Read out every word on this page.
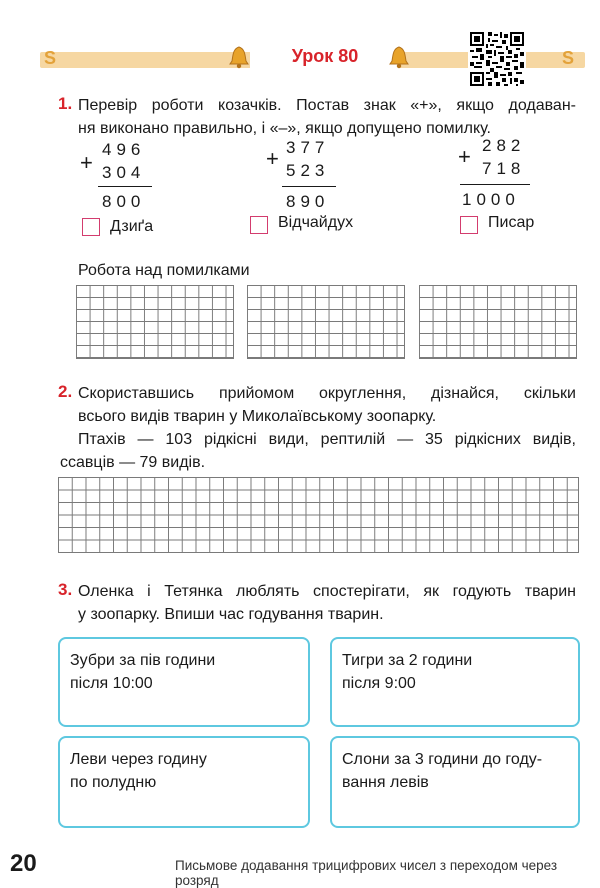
S	S
Урок 80
1. Перевір роботи козачків. Постав знак «+», якщо додаван-
ня виконано правильно, і «–», якщо допущено помилку.
+
496
304
800
Дзиґа
+ 377
523
890
Відчайдух
+ 282
718
1000
Писар
Робота над помилками
2. Скориставшись прийомом округлення, дізнайся, скільки
всього видів тварин у Миколаївському зоопарку.
Птахів — 103 рідкісні види, рептилій — 35 рідкісних видів,
ссавців — 79 видів.
3. Оленка і Тетянка люблять спостерігати, як годують тварин
у зоопарку. Впиши час годування тварин.
Зубри за пів години
після 10:00
Тигри за 2 години
після 9:00
Леви через годину
по полудню
Слони за 3 години до году-
вання левів
20	Письмове додавання трицифрових чисел з переходом через розряд
